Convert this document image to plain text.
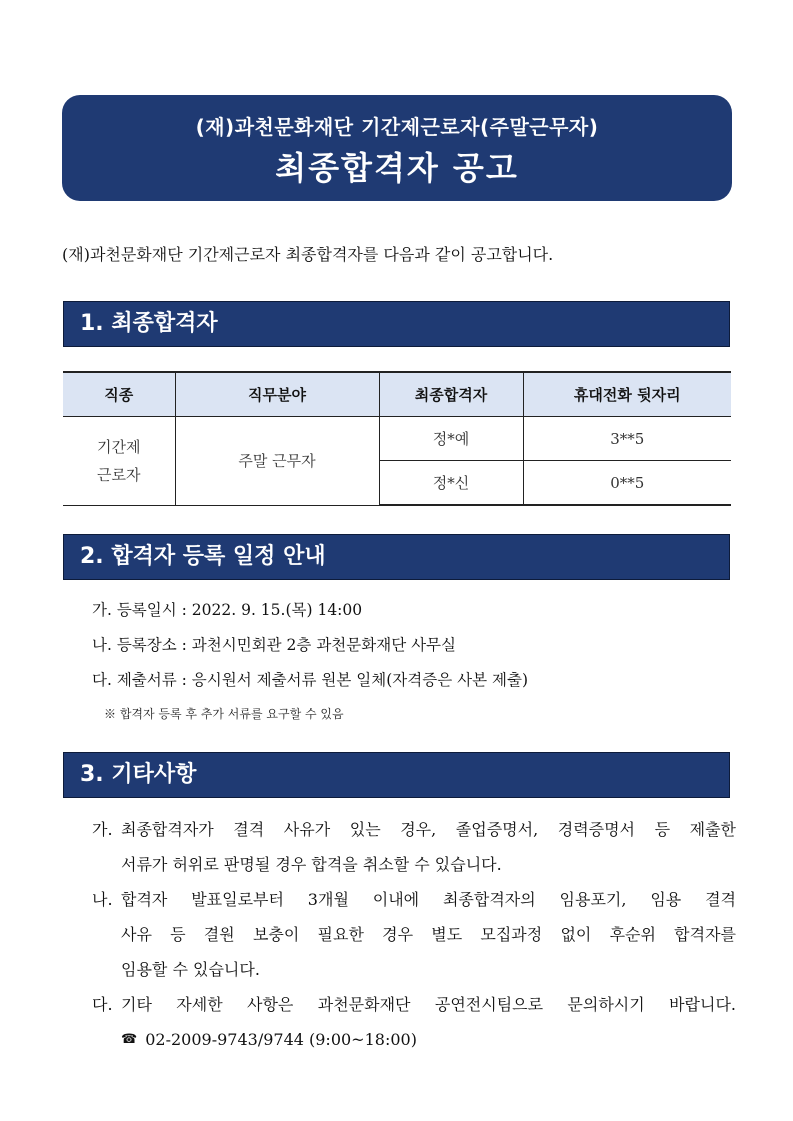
(재)과천문화재단 기간제근로자(주말근무자)
최종합격자 공고
(재)과천문화재단 기간제근로자 최종합격자를 다음과 같이 공고합니다.
1. 최종합격자
직종	직무분야	최종합격자	휴대전화 뒷자리
기간제
근로자	주말 근무자	정*예	3**5
		정*신	0**5
2. 합격자 등록 일정 안내
가. 등록일시 : 2022. 9. 15.(목) 14:00
나. 등록장소 : 과천시민회관 2층 과천문화재단 사무실
다. 제출서류 : 응시원서 제출서류 원본 일체(자격증은 사본 제출)
※ 합격자 등록 후 추가 서류를 요구할 수 있음
3. 기타사항
가. 최종합격자가 결격 사유가 있는 경우, 졸업증명서, 경력증명서 등 제출한
서류가 허위로 판명될 경우 합격을 취소할 수 있습니다.
나. 합격자 발표일로부터 3개월 이내에 최종합격자의 임용포기, 임용 결격
사유 등 결원 보충이 필요한 경우 별도 모집과정 없이 후순위 합격자를
임용할 수 있습니다.
다. 기타 자세한 사항은 과천문화재단 공연전시팀으로 문의하시기 바랍니다.
☎ 02-2009-9743/9744 (9:00~18:00)
